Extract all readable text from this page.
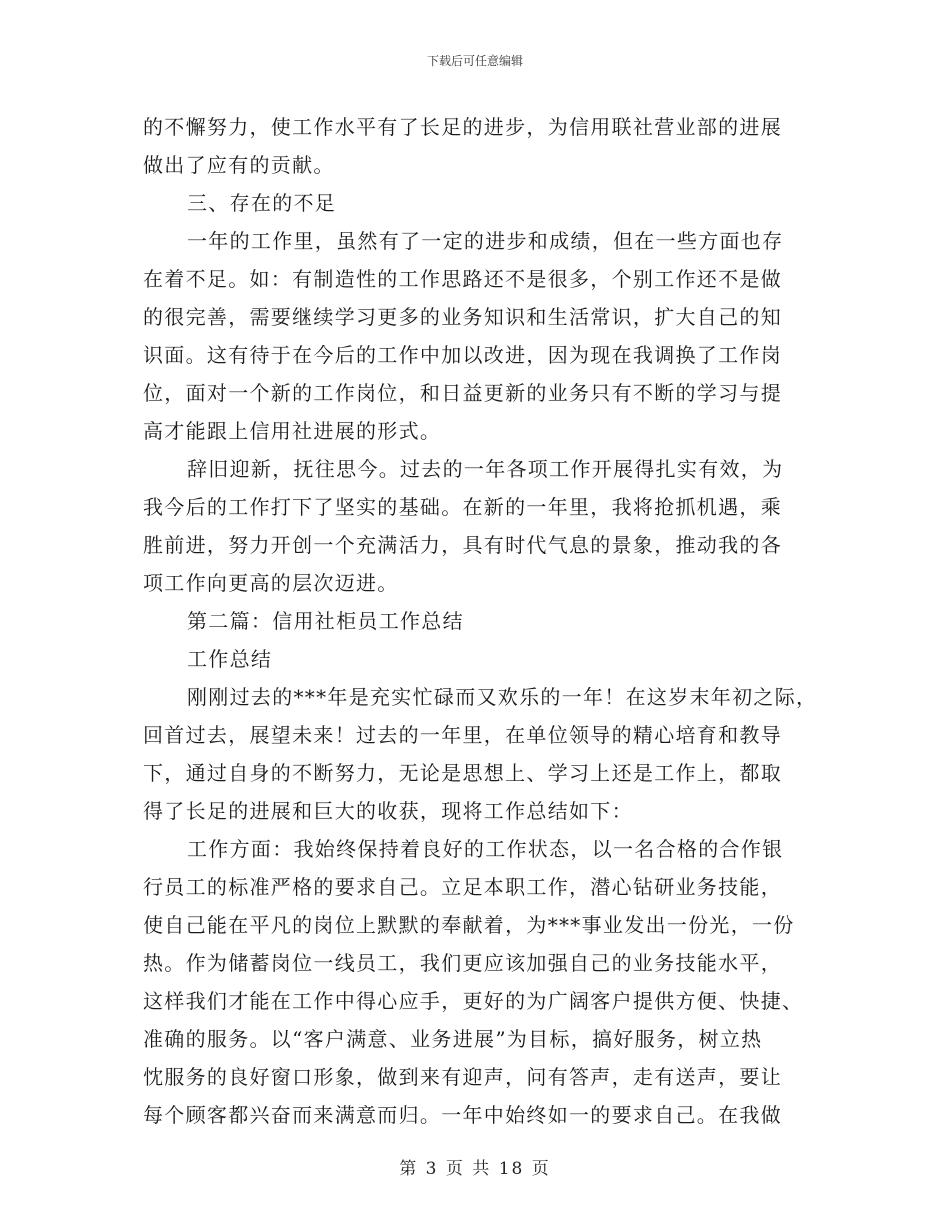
下载后可任意编辑
的不懈努力，使工作水平有了长足的进步，为信用联社营业部的进展
做出了应有的贡献。
三、存在的不足
一年的工作里，虽然有了一定的进步和成绩，但在一些方面也存
在着不足。如：有制造性的工作思路还不是很多，个别工作还不是做
的很完善，需要继续学习更多的业务知识和生活常识，扩大自己的知
识面。这有待于在今后的工作中加以改进，因为现在我调换了工作岗
位，面对一个新的工作岗位，和日益更新的业务只有不断的学习与提
高才能跟上信用社进展的形式。
辞旧迎新，抚往思今。过去的一年各项工作开展得扎实有效，为
我今后的工作打下了坚实的基础。在新的一年里，我将抢抓机遇，乘
胜前进，努力开创一个充满活力，具有时代气息的景象，推动我的各
项工作向更高的层次迈进。
第二篇：信用社柜员工作总结
工作总结
刚刚过去的***年是充实忙碌而又欢乐的一年！在这岁末年初之际，
回首过去，展望未来！过去的一年里，在单位领导的精心培育和教导
下，通过自身的不断努力，无论是思想上、学习上还是工作上，都取
得了长足的进展和巨大的收获，现将工作总结如下：
工作方面：我始终保持着良好的工作状态，以一名合格的合作银
行员工的标准严格的要求自己。立足本职工作，潜心钻研业务技能，
使自己能在平凡的岗位上默默的奉献着，为***事业发出一份光，一份
热。作为储蓄岗位一线员工，我们更应该加强自己的业务技能水平，
这样我们才能在工作中得心应手，更好的为广阔客户提供方便、快捷、
准确的服务。以“客户满意、业务进展”为目标，搞好服务，树立热
忱服务的良好窗口形象，做到来有迎声，问有答声，走有送声，要让
每个顾客都兴奋而来满意而归。一年中始终如一的要求自己。在我做
第 3 页 共 18 页
